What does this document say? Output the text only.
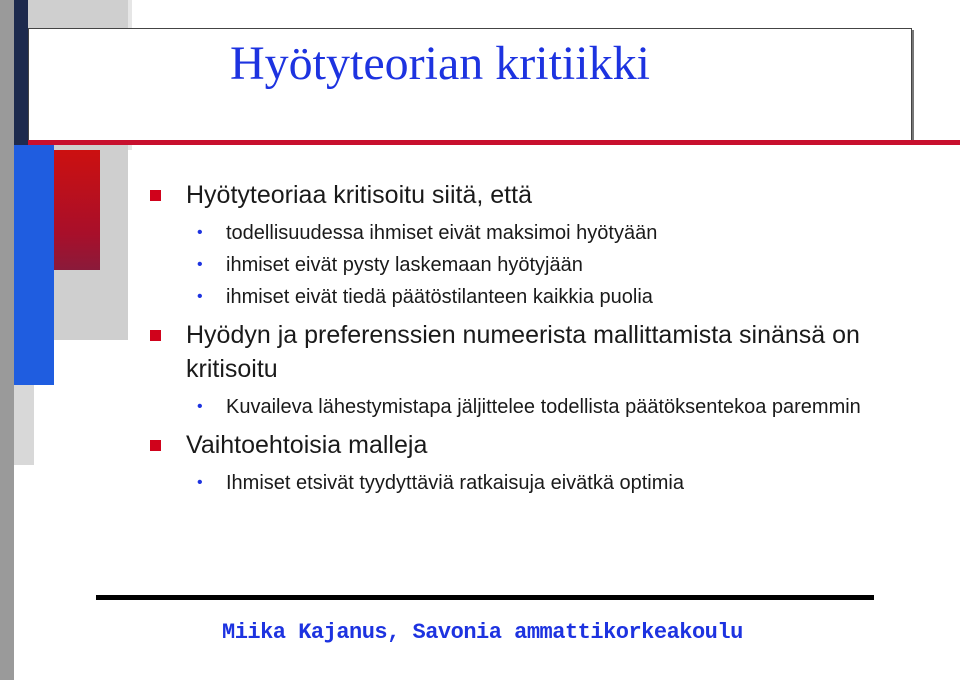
Hyötyteorian kritiikki
Hyötyteoriaa kritisoitu siitä, että
• todellisuudessa ihmiset eivät maksimoi hyötyään
• ihmiset eivät pysty laskemaan hyötyjään
• ihmiset eivät tiedä päätöstilanteen kaikkia puolia
Hyödyn ja preferenssien numeerista mallittamista sinänsä on kritisoitu
• Kuvaileva lähestymistapa jäljittelee todellista päätöksentekoa paremmin
Vaihtoehtoisia malleja
• Ihmiset etsivät tyydyttäviä ratkaisuja eivätkä optimia
Miika Kajanus, Savonia ammattikorkeakoulu
